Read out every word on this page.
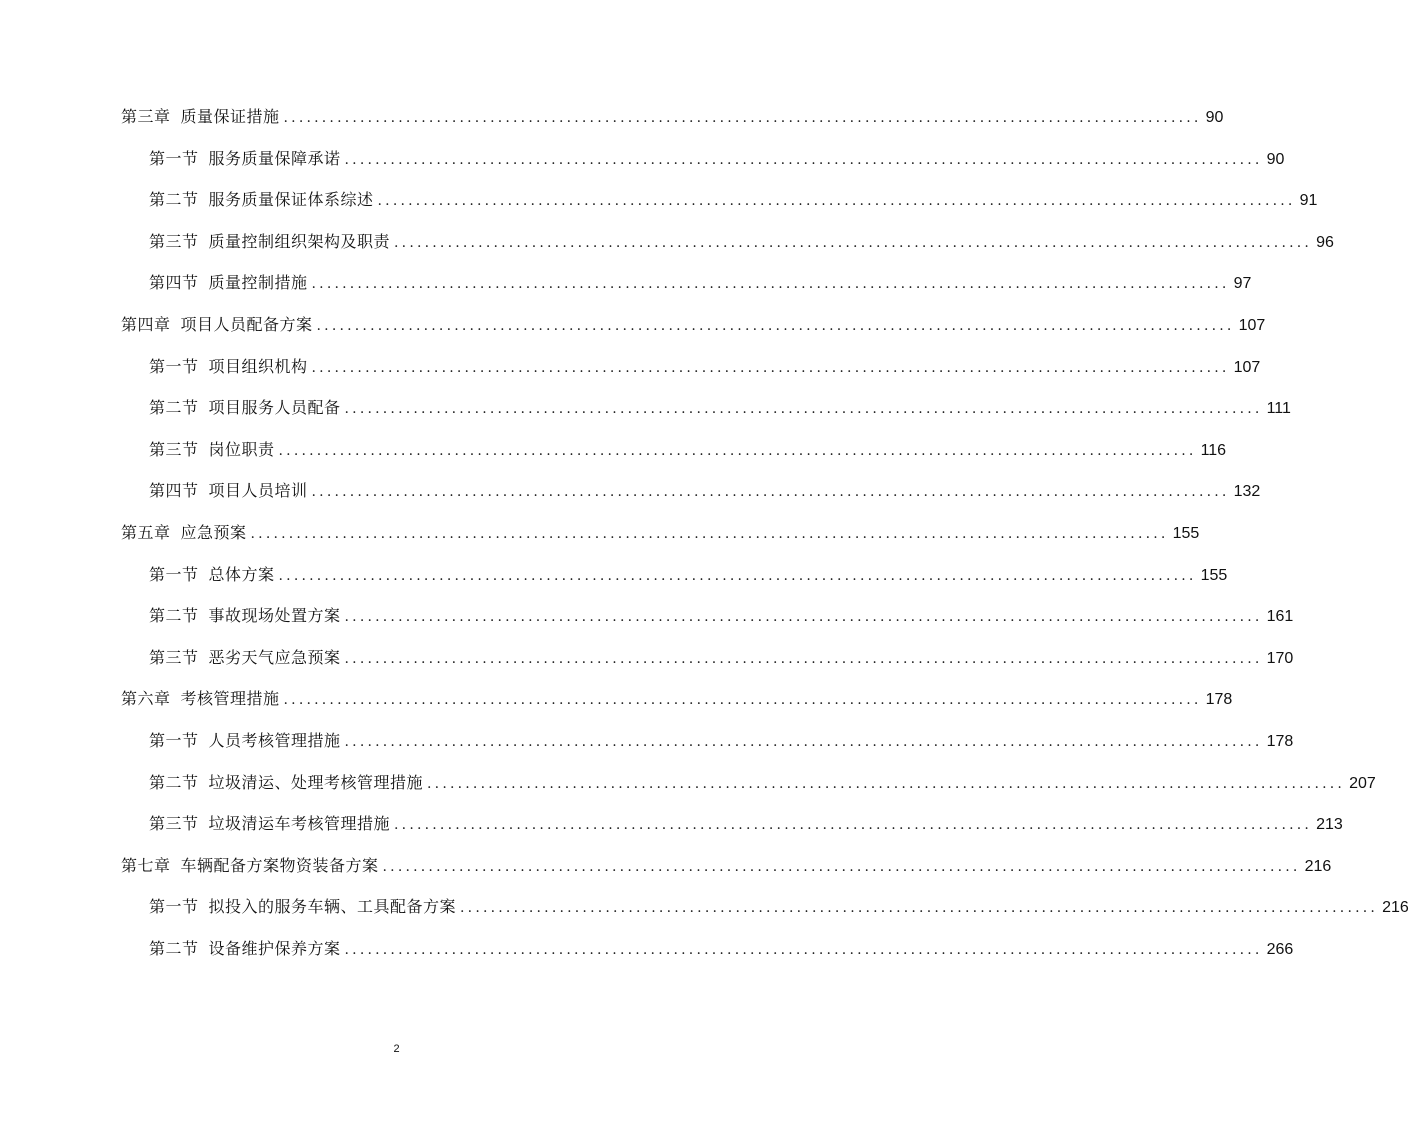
第三章 质量保证措施 ........................................................................................................................ 90
第一节 服务质量保障承诺 ........................................................................................................................ 90
第二节 服务质量保证体系综述 ........................................................................................................................ 91
第三节 质量控制组织架构及职责 ........................................................................................................................ 96
第四节 质量控制措施 ........................................................................................................................ 97
第四章 项目人员配备方案 ........................................................................................................................ 107
第一节 项目组织机构 ........................................................................................................................ 107
第二节 项目服务人员配备 ........................................................................................................................ 111
第三节 岗位职责 ........................................................................................................................ 116
第四节 项目人员培训 ........................................................................................................................ 132
第五章 应急预案 ........................................................................................................................ 155
第一节 总体方案 ........................................................................................................................ 155
第二节 事故现场处置方案 ........................................................................................................................ 161
第三节 恶劣天气应急预案 ........................................................................................................................ 170
第六章 考核管理措施 ........................................................................................................................ 178
第一节 人员考核管理措施 ........................................................................................................................ 178
第二节 垃圾清运、处理考核管理措施 ........................................................................................................................ 207
第三节 垃圾清运车考核管理措施 ........................................................................................................................ 213
第七章 车辆配备方案物资装备方案 ........................................................................................................................ 216
第一节 拟投入的服务车辆、工具配备方案 ........................................................................................................................ 216
第二节 设备维护保养方案 ........................................................................................................................ 266
2
